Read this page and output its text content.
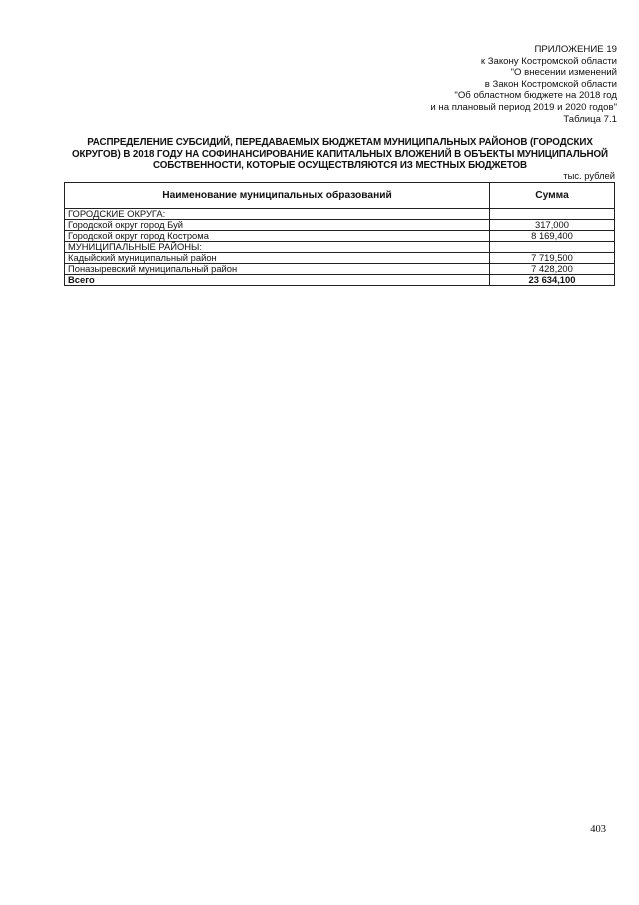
ПРИЛОЖЕНИЕ 19
к Закону Костромской области
"О внесении изменений
в Закон Костромской области
"Об областном бюджете на 2018 год
и на плановый период 2019 и 2020 годов"
Таблица 7.1
РАСПРЕДЕЛЕНИЕ СУБСИДИЙ, ПЕРЕДАВАЕМЫХ БЮДЖЕТАМ МУНИЦИПАЛЬНЫХ РАЙОНОВ (ГОРОДСКИХ
ОКРУГОВ) В 2018 ГОДУ НА СОФИНАНСИРОВАНИЕ КАПИТАЛЬНЫХ ВЛОЖЕНИЙ В ОБЪЕКТЫ МУНИЦИПАЛЬНОЙ
СОБСТВЕННОСТИ, КОТОРЫЕ ОСУЩЕСТВЛЯЮТСЯ ИЗ МЕСТНЫХ БЮДЖЕТОВ
тыс. рублей
Наименование муниципальных образований	Сумма
ГОРОДСКИЕ ОКРУГА:	
Городской округ город Буй	317,000
Городской округ город Кострома	8 169,400
МУНИЦИПАЛЬНЫЕ РАЙОНЫ:	
Кадыйский муниципальный район	7 719,500
Поназыревский муниципальный район	7 428,200
Всего	23 634,100
403
